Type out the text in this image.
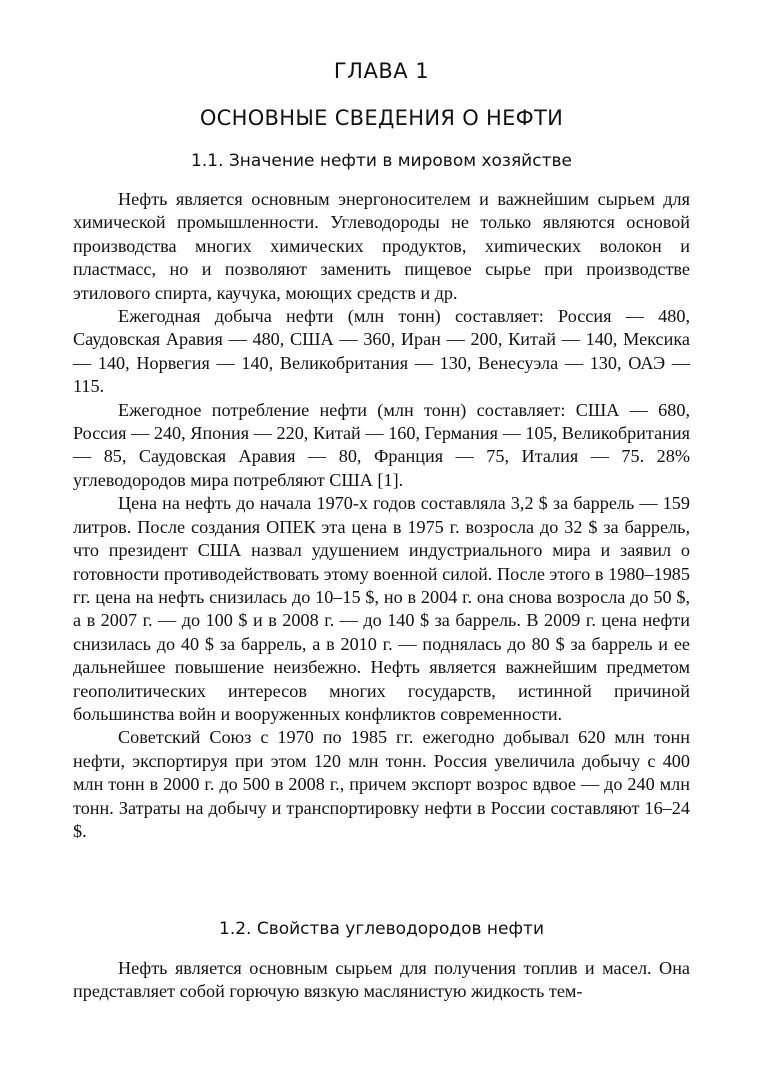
ГЛАВА 1
ОСНОВНЫЕ СВЕДЕНИЯ О НЕФТИ
1.1. Значение нефти в мировом хозяйстве

Нефть является основным энергоносителем и важнейшим сырьем для химической промышленности. Углеводороды не только являются основой производства многих химических продуктов, хиmических волокон и пластмасс, но и позволяют заменить пищевое сырье при производстве этилового спирта, каучука, моющих средств и др.

Ежегодная добыча нефти (млн тонн) составляет: Россия — 480, Саудовская Аравия — 480, США — 360, Иран — 200, Китай — 140, Мексика — 140, Норвегия — 140, Великобритания — 130, Венесуэла — 130, ОАЭ — 115.

Ежегодное потребление нефти (млн тонн) составляет: США — 680, Россия — 240, Япония — 220, Китай — 160, Германия — 105, Великобритания — 85, Саудовская Аравия — 80, Франция — 75, Италия — 75. 28% углеводородов мира потребляют США [1].

Цена на нефть до начала 1970-х годов составляла 3,2 $ за баррель — 159 литров. После создания ОПЕК эта цена в 1975 г. возросла до 32 $ за баррель, что президент США назвал удушением индустриального мира и заявил о готовности противодействовать этому военной силой. После этого в 1980–1985 гг. цена на нефть снизилась до 10–15 $, но в 2004 г. она снова возросла до 50 $, а в 2007 г. — до 100 $ и в 2008 г. — до 140 $ за баррель. В 2009 г. цена нефти снизилась до 40 $ за баррель, а в 2010 г. — поднялась до 80 $ за баррель и ее дальнейшее повышение неизбежно. Нефть является важнейшим предметом геополитических интересов многих государств, истинной причиной большинства войн и вооруженных конфликтов современности.

Советский Союз с 1970 по 1985 гг. ежегодно добывал 620 млн тонн нефти, экспортируя при этом 120 млн тонн. Россия увеличила добычу с 400 млн тонн в 2000 г. до 500 в 2008 г., причем экспорт возрос вдвое — до 240 млн тонн. Затраты на добычу и транспортировку нефти в России составляют 16–24 $.

1.2. Свойства углеводородов нефти

Нефть является основным сырьем для получения топлив и масел. Она представляет собой горючую вязкую маслянистую жидкость тем-
